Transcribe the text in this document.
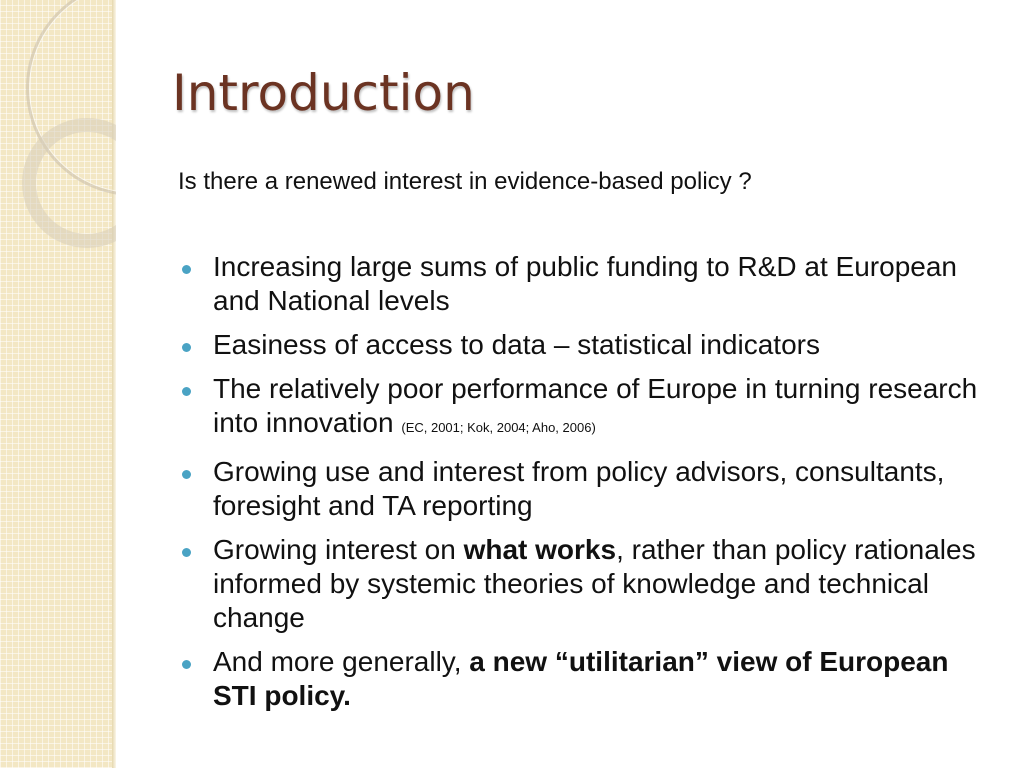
Introduction

Is there a renewed interest in evidence-based policy ?

Increasing large sums of public funding to R&D at European and National levels
Easiness of access to data – statistical indicators
The relatively poor performance of Europe in turning research into innovation (EC, 2001; Kok, 2004; Aho, 2006)
Growing use and interest from policy advisors, consultants, foresight and TA reporting
Growing interest on what works, rather than policy rationales informed by systemic theories of knowledge and technical change
And more generally, a new “utilitarian” view of European STI policy.
